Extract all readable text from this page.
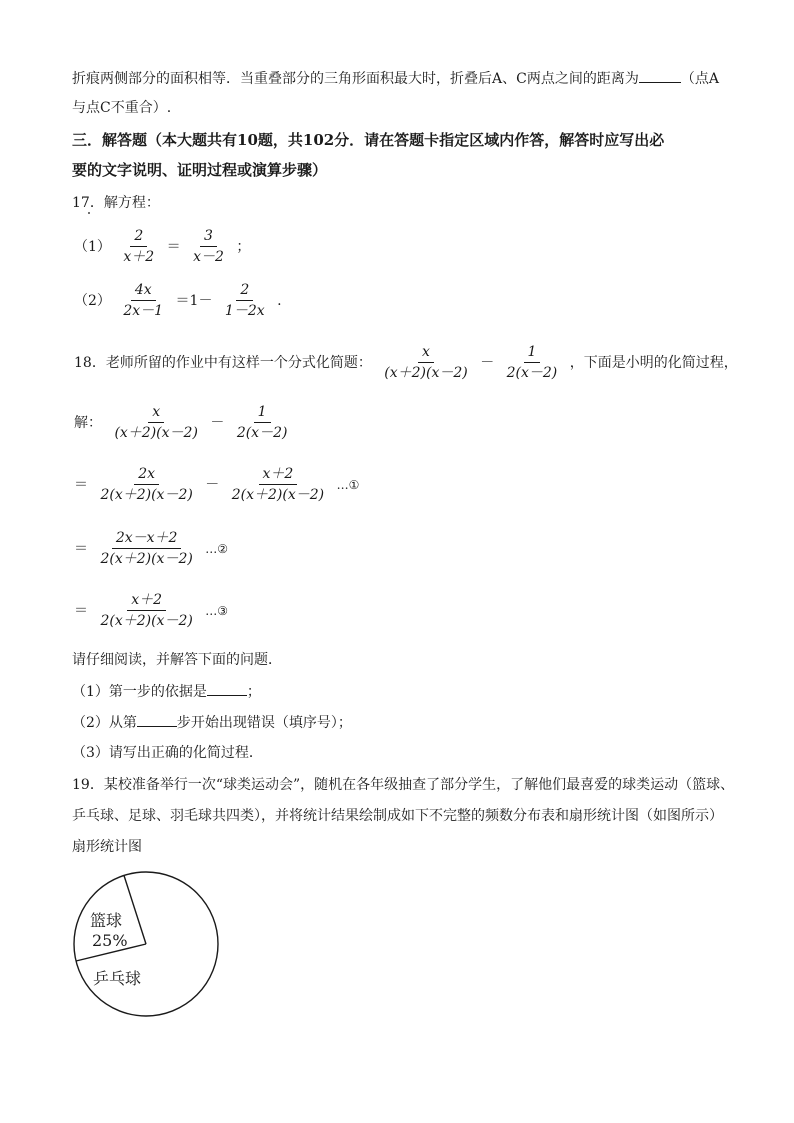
折痕两侧部分的面积相等．当重叠部分的三角形面积最大时，折叠后A、C两点之间的距离为	（点A
与点C不重合）.
三．解答题（本大题共有10题，共102分．请在答题卡指定区域内作答，解答时应写出必
要的文字说明、证明过程或演算步骤）
17．解方程：
$(1) \frac{2}{x+2} = \frac{3}{x-2}$ ；
$(2) \frac{4x}{2x-1} =1- \frac{2}{1-2x}$ .
18．老师所留的作业中有这样一个分式化简题： $\frac{x}{(x+2)(x-2)} - \frac{1}{2(x-2)}$ ，下面是小明的化简过程，
解： $\frac{x}{(x+2)(x-2)} - \frac{1}{2(x-2)}$
＝ $\frac{2x}{2(x+2)(x-2)} - \frac{x+2}{2(x+2)(x-2)}$ …①
＝ $\frac{2x-x+2}{2(x+2)(x-2)}$ …②
＝ $\frac{x+2}{2(x+2)(x-2)}$ …③
请仔细阅读，并解答下面的问题．
（1）第一步的依据是	；
（2）从第	步开始出现错误（填序号）；
（3）请写出正确的化简过程．
19．某校准备举行一次“球类运动会”，随机在各年级抽查了部分学生，了解他们最喜爱的球类运动（篮球、
乒乓球、足球、羽毛球共四类），并将统计结果绘制成如下不完整的频数分布表和扇形统计图（如图所示）
扇形统计图
篮球
25%
乒乓球
